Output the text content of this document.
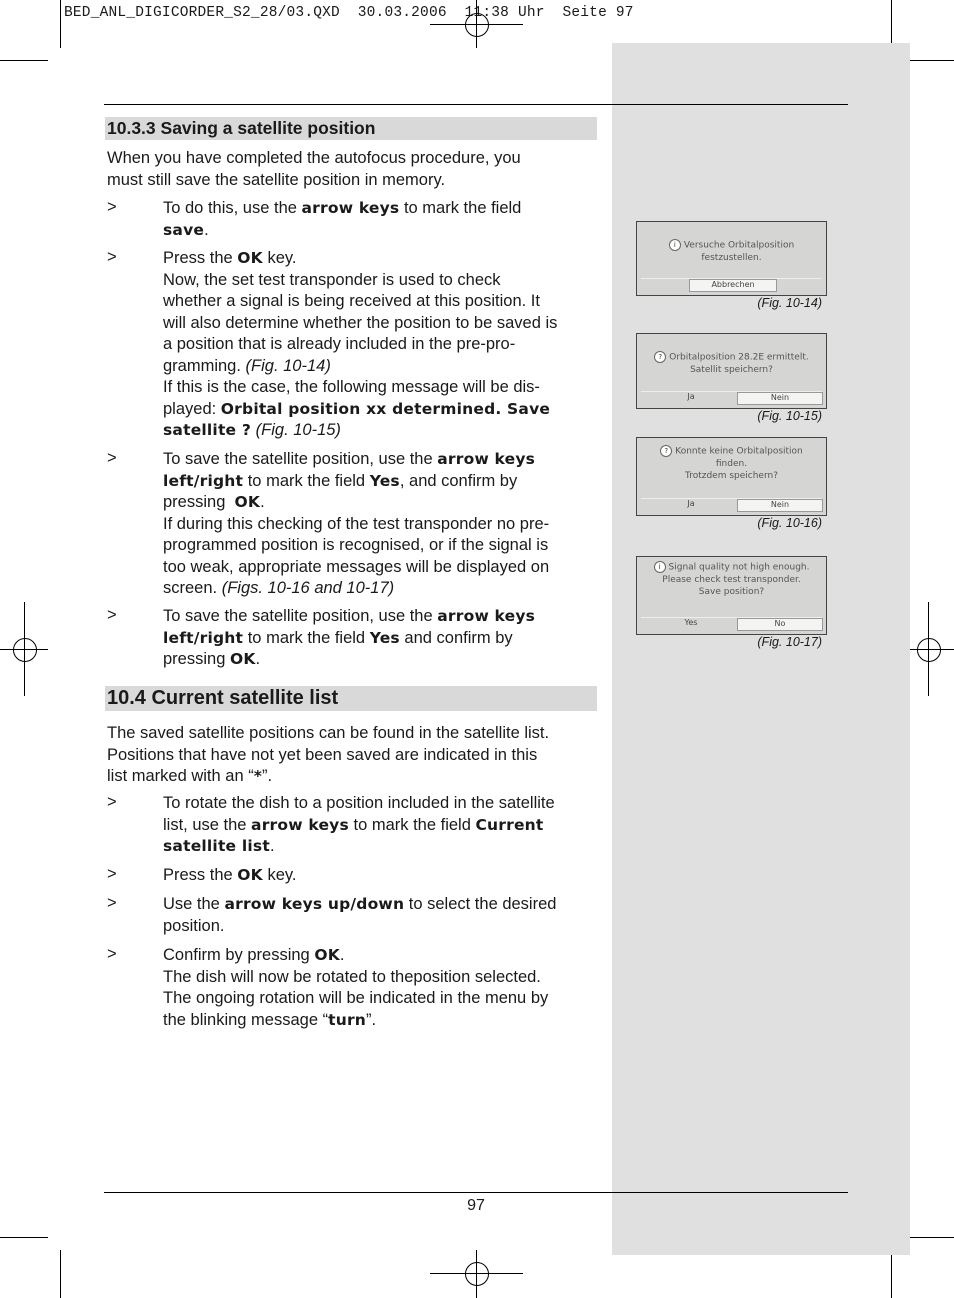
BED_ANL_DIGICORDER_S2_28/03.QXD  30.03.2006  11:38 Uhr  Seite 97
10.3.3 Saving a satellite position
When you have completed the autofocus procedure, you
must still save the satellite position in memory.
>	To do this, use the arrow keys to mark the field
save.
>	Press the OK key.
Now, the set test transponder is used to check
whether a signal is being received at this position. It
will also determine whether the position to be saved is
a position that is already included in the pre-pro-
gramming. (Fig. 10-14)
If this is the case, the following message will be dis-
played: Orbital position xx determined. Save
satellite ? (Fig. 10-15)
>	To save the satellite position, use the arrow keys
left/right to mark the field Yes, and confirm by
pressing  OK.
If during this checking of the test transponder no pre-
programmed position is recognised, or if the signal is
too weak, appropriate messages will be displayed on
screen. (Figs. 10-16 and 10-17)
>	To save the satellite position, use the arrow keys
left/right to mark the field Yes and confirm by
pressing OK.
10.4 Current satellite list
The saved satellite positions can be found in the satellite list.
Positions that have not yet been saved are indicated in this
list marked with an “*”.
>	To rotate the dish to a position included in the satellite
list, use the arrow keys to mark the field Current
satellite list.
>	Press the OK key.
>	Use the arrow keys up/down to select the desired
position.
>	Confirm by pressing OK.
The dish will now be rotated to theposition selected.
The ongoing rotation will be indicated in the menu by
the blinking message “turn”.
i Versuche Orbitalposition
festzustellen.
Abbrechen
(Fig. 10-14)
? Orbitalposition 28.2E ermittelt.
Satellit speichern?
Ja	Nein
(Fig. 10-15)
? Konnte keine Orbitalposition
finden.
Trotzdem speichern?
Ja	Nein
(Fig. 10-16)
i Signal quality not high enough.
Please check test transponder.
Save position?
Yes	No
(Fig. 10-17)
97
